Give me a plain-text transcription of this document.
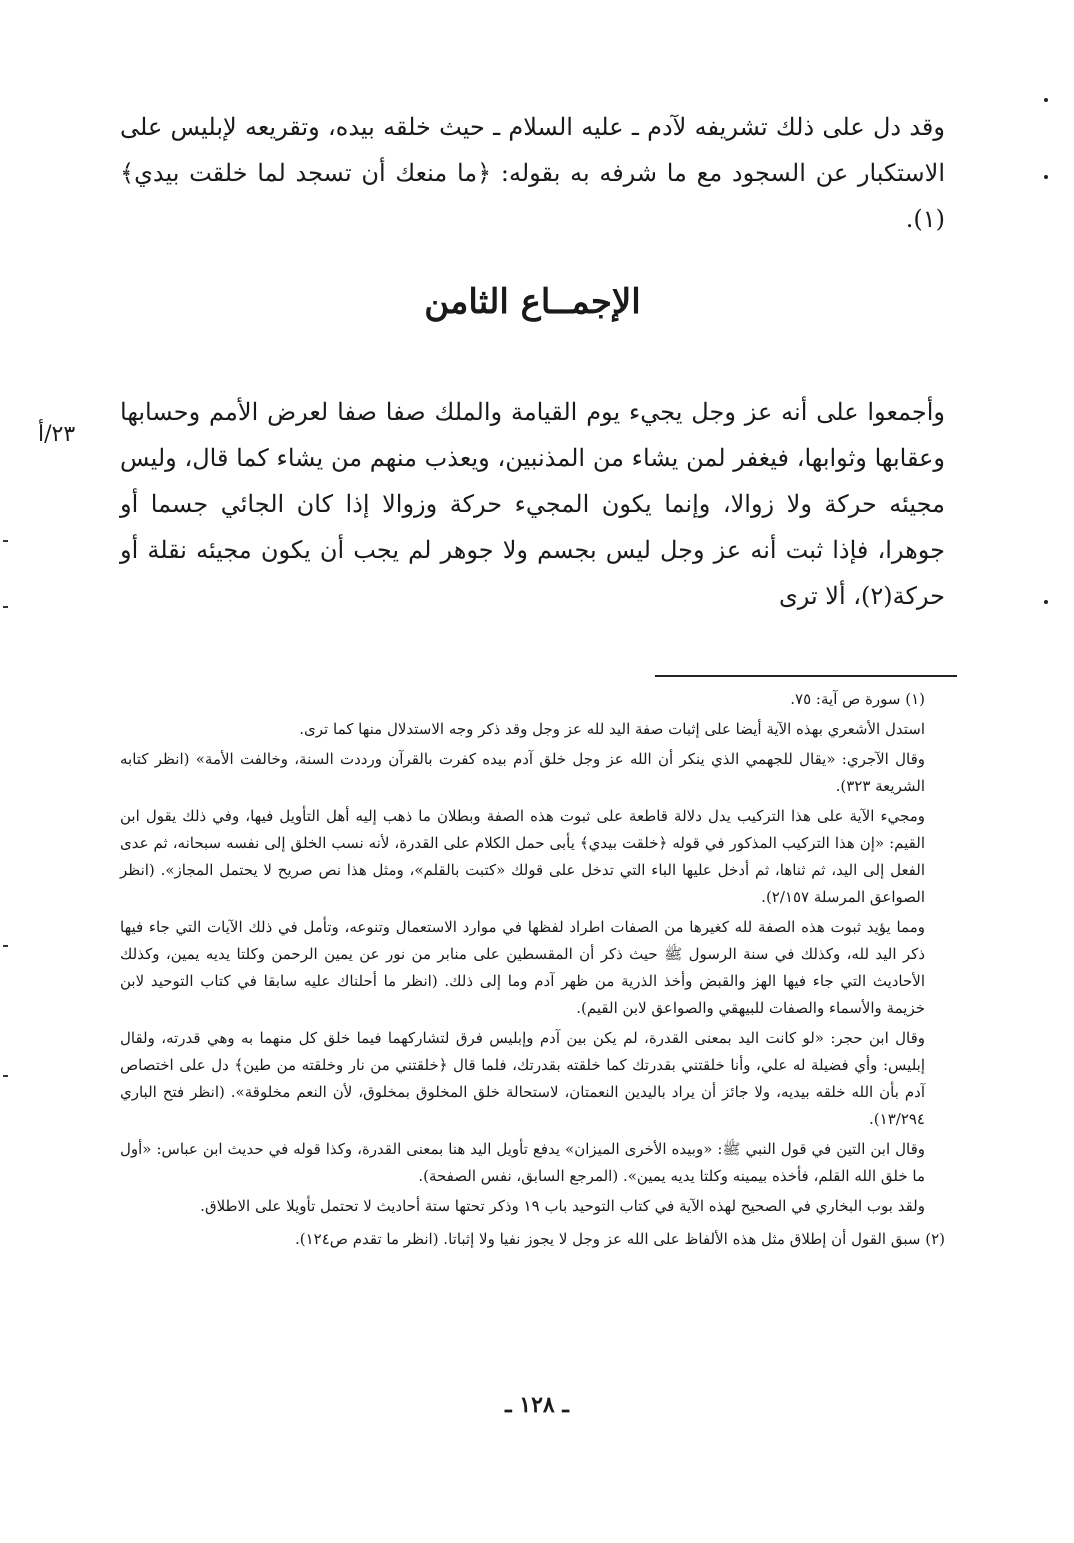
وقد دل على ذلك تشريفه لآدم ـ عليه السلام ـ حيث خلقه بيده، وتقريعه لإبليس على الاستكبار عن السجود مع ما شرفه به بقوله: ﴿ما منعك أن تسجد لما خلقت بيدي﴾(١).

الإجمــاع الثامن

وأجمعوا على أنه عز وجل يجيء يوم القيامة والملك صفا صفا لعرض الأمم وحسابها وعقابها وثوابها، فيغفر لمن يشاء من المذنبين، ويعذب منهم من يشاء كما قال، وليس مجيئه حركة ولا زوالا، وإنما يكون المجيء حركة وزوالا إذا كان الجائي جسما أو جوهرا، فإذا ثبت أنه عز وجل ليس بجسم ولا جوهر لم يجب أن يكون مجيئه نقلة أو حركة(٢)، ألا ترى

٢٣/أ

(١) سورة ص آية: ٧٥.

استدل الأشعري بهذه الآية أيضا على إثبات صفة اليد لله عز وجل وقد ذكر وجه الاستدلال منها كما ترى.

وقال الآجري: «يقال للجهمي الذي ينكر أن الله عز وجل خلق آدم بيده كفرت بالقرآن ورددت السنة، وخالفت الأمة» (انظر كتابه الشريعة ٣٢٣).

ومجيء الآية على هذا التركيب يدل دلالة قاطعة على ثبوت هذه الصفة وبطلان ما ذهب إليه أهل التأويل فيها، وفي ذلك يقول ابن القيم: «إن هذا التركيب المذكور في قوله ﴿خلقت بيدي﴾ يأبى حمل الكلام على القدرة، لأنه نسب الخلق إلى نفسه سبحانه، ثم عدى الفعل إلى اليد، ثم ثناها، ثم أدخل عليها الباء التي تدخل على قولك «كتبت بالقلم»، ومثل هذا نص صريح لا يحتمل المجاز». (انظر الصواعق المرسلة ٢/١٥٧).

ومما يؤيد ثبوت هذه الصفة لله كغيرها من الصفات اطراد لفظها في موارد الاستعمال وتنوعه، وتأمل في ذلك الآيات التي جاء فيها ذكر اليد لله، وكذلك في سنة الرسول ﷺ حيث ذكر أن المقسطين على منابر من نور عن يمين الرحمن وكلتا يديه يمين، وكذلك الأحاديث التي جاء فيها الهز والقبض وأخذ الذرية من ظهر آدم وما إلى ذلك. (انظر ما أحلناك عليه سابقا في كتاب التوحيد لابن خزيمة والأسماء والصفات للبيهقي والصواعق لابن القيم).

وقال ابن حجر: «لو كانت اليد بمعنى القدرة، لم يكن بين آدم وإبليس فرق لتشاركهما فيما خلق كل منهما به وهي قدرته، ولقال إبليس: وأي فضيلة له علي، وأنا خلقتني بقدرتك كما خلقته بقدرتك، فلما قال ﴿خلقتني من نار وخلقته من طين﴾ دل على اختصاص آدم بأن الله خلقه بيديه، ولا جائز أن يراد باليدين النعمتان، لاستحالة خلق المخلوق بمخلوق، لأن النعم مخلوقة». (انظر فتح الباري ١٣/٢٩٤).

وقال ابن التين في قول النبي ﷺ: «وبيده الأخرى الميزان» يدفع تأويل اليد هنا بمعنى القدرة، وكذا قوله في حديث ابن عباس: «أول ما خلق الله القلم، فأخذه بيمينه وكلتا يديه يمين». (المرجع السابق، نفس الصفحة).

ولقد بوب البخاري في الصحيح لهذه الآية في كتاب التوحيد باب ١٩ وذكر تحتها ستة أحاديث لا تحتمل تأويلا على الاطلاق.

(٢) سبق القول أن إطلاق مثل هذه الألفاظ على الله عز وجل لا يجوز نفيا ولا إثباتا. (انظر ما تقدم ص١٢٤).

ـ ١٢٨ ـ
